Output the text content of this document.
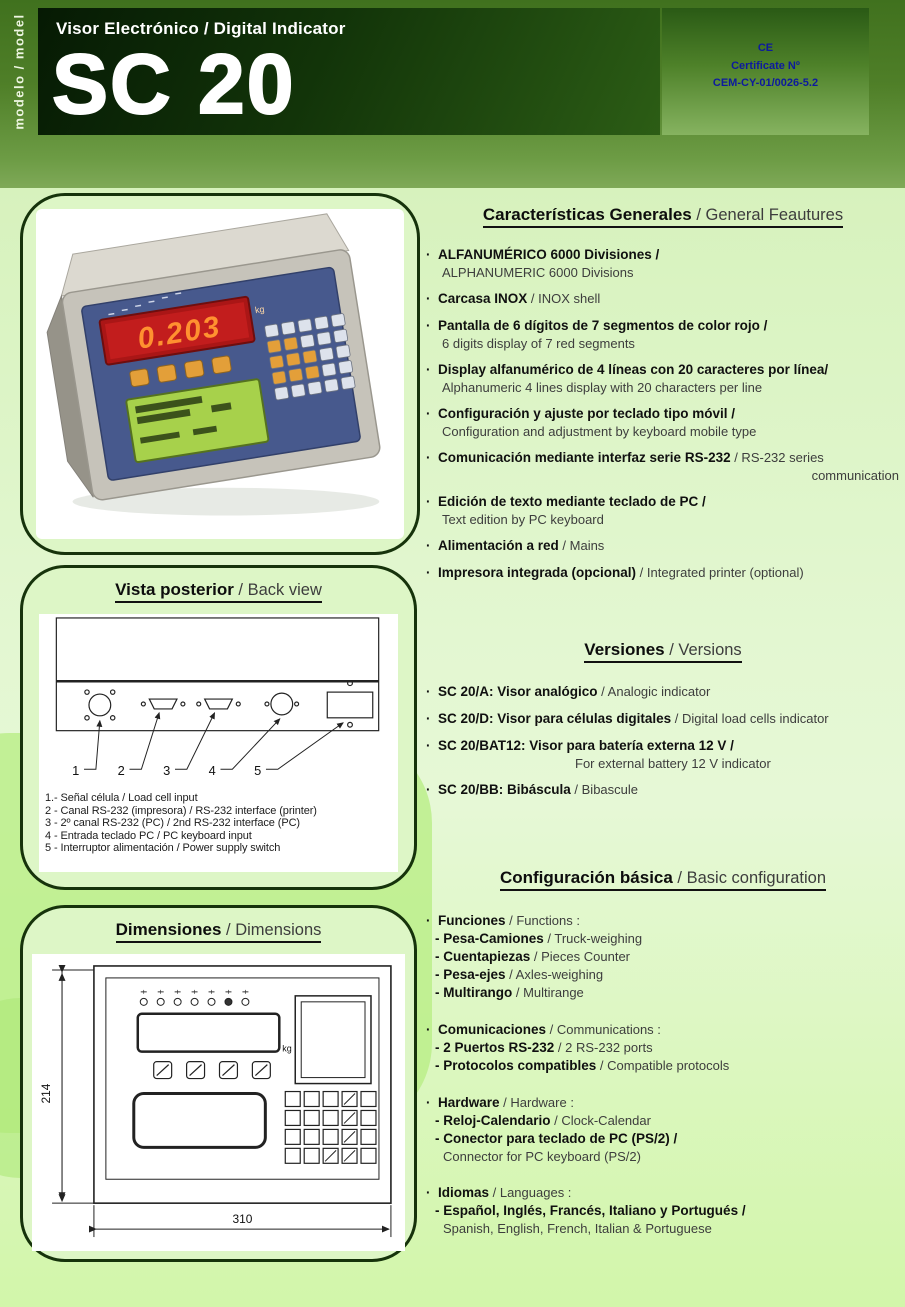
modelo / model Visor Electrónico / Digital Indicator
SC 20	CE
Certificate Nº
CEM-CY-01/0026-5.2
0.203
kg
Vista posterior / Back view
1	2	3	4	5
1.- Señal célula / Load cell input
2 - Canal RS-232 (impresora) / RS-232 interface (printer)
3 - 2º canal RS-232 (PC) / 2nd RS-232 interface (PC)
4 - Entrada teclado PC / PC keyboard input
5 - Interruptor alimentación / Power supply switch
Dimensiones / Dimensions
214
kg
310
Características Generales / General Feautures
· ALFANUMÉRICO 6000 Divisiones /
ALPHANUMERIC 6000 Divisions
· Carcasa INOX / INOX shell
· Pantalla de 6 dígitos de 7 segmentos de color rojo /
6 digits display of 7 red segments
· Display alfanumérico de 4 líneas con 20 caracteres por línea/
Alphanumeric 4 lines display with 20 characters per line
· Configuración y ajuste por teclado tipo móvil /
Configuration and adjustment by keyboard mobile type
· Comunicación mediante interfaz serie RS-232 / RS-232 series
communication
· Edición de texto mediante teclado de PC /
Text edition by PC keyboard
· Alimentación a red / Mains
· Impresora integrada (opcional) / Integrated printer (optional)
Versiones / Versions
· SC 20/A: Visor analógico / Analogic indicator
· SC 20/D: Visor para células digitales / Digital load cells indicator
· SC 20/BAT12: Visor para batería externa 12 V /
For external battery 12 V indicator
· SC 20/BB: Bibáscula / Bibascule
Configuración básica / Basic configuration
· Funciones / Functions :
- Pesa-Camiones / Truck-weighing
- Cuentapiezas / Pieces Counter
- Pesa-ejes / Axles-weighing
- Multirango / Multirange
· Comunicaciones / Communications :
- 2 Puertos RS-232 / 2 RS-232 ports
- Protocolos compatibles / Compatible protocols
· Hardware / Hardware :
- Reloj-Calendario / Clock-Calendar
- Conector para teclado de PC (PS/2) /
Connector for PC keyboard (PS/2)
· Idiomas / Languages :
- Español, Inglés, Francés, Italiano y Portugués /
Spanish, English, French, Italian & Portuguese
